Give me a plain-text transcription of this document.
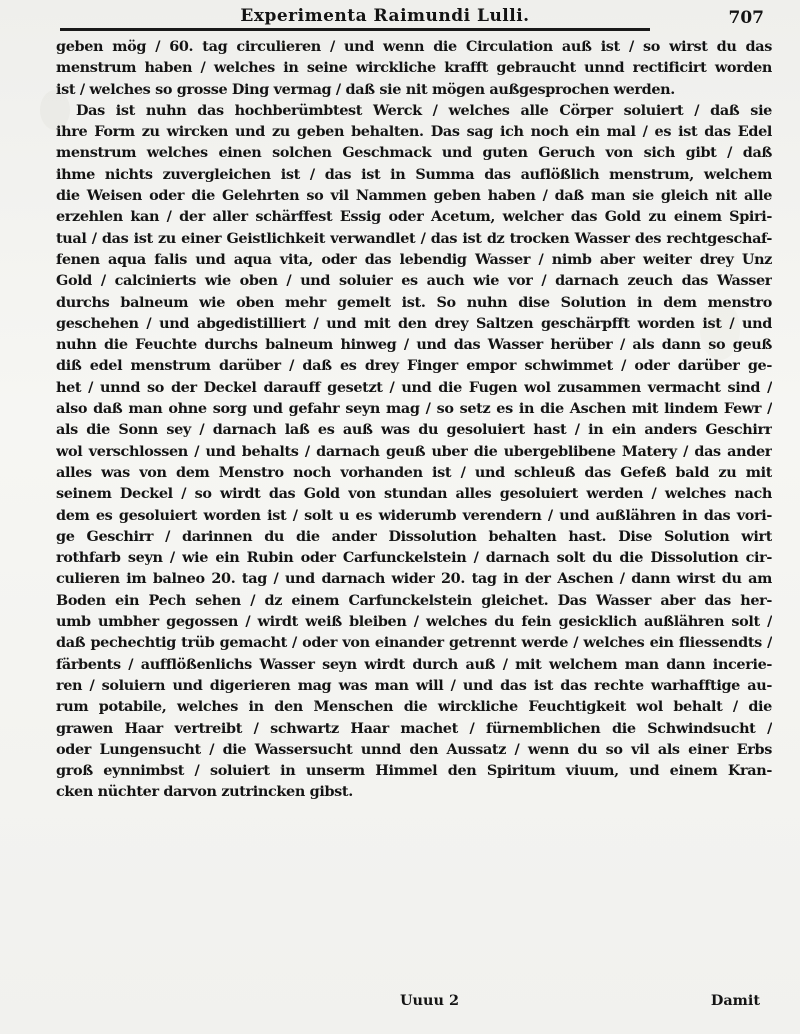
Experimenta Raimundi Lulli.	707
geben mög / 60. tag circulieren / und wenn die Circulation auß ist / so wirst du das
menstrum haben / welches in seine wirckliche krafft gebraucht unnd rectificirt worden
ist / welches so grosse Ding vermag / daß sie nit mögen außgesprochen werden.
Das ist nuhn das hochberümbtest Werck / welches alle Cörper soluiert / daß sie
ihre Form zu wircken und zu geben behalten. Das sag ich noch ein mal / es ist das Edel
menstrum welches einen solchen Geschmack und guten Geruch von sich gibt / daß
ihme nichts zuvergleichen ist / das ist in Summa das auflößlich menstrum, welchem
die Weisen oder die Gelehrten so vil Nammen geben haben / daß man sie gleich nit alle
erzehlen kan / der aller schärffest Essig oder Acetum, welcher das Gold zu einem Spiri-
tual / das ist zu einer Geistlichkeit verwandlet / das ist dz trocken Wasser des rechtgeschaf-
fenen aqua falis und aqua vita, oder das lebendig Wasser / nimb aber weiter drey Unz
Gold / calcinierts wie oben / und soluier es auch wie vor / darnach zeuch das Wasser
durchs balneum wie oben mehr gemelt ist. So nuhn dise Solution in dem menstro
geschehen / und abgedistilliert / und mit den drey Saltzen geschärpfft worden ist / und
nuhn die Feuchte durchs balneum hinweg / und das Wasser herüber / als dann so geuß
diß edel menstrum darüber / daß es drey Finger empor schwimmet / oder darüber ge-
het / unnd so der Deckel darauff gesetzt / und die Fugen wol zusammen vermacht sind /
also daß man ohne sorg und gefahr seyn mag / so setz es in die Aschen mit lindem Fewr /
als die Sonn sey / darnach laß es auß was du gesoluiert hast / in ein anders Geschirr
wol verschlossen / und behalts / darnach geuß uber die ubergeblibene Matery / das ander
alles was von dem Menstro noch vorhanden ist / und schleuß das Gefeß bald zu mit
seinem Deckel / so wirdt das Gold von stundan alles gesoluiert werden / welches nach
dem es gesoluiert worden ist / solt u es widerumb verendern / und außlähren in das vori-
ge Geschirr / darinnen du die ander Dissolution behalten hast. Dise Solution wirt
rothfarb seyn / wie ein Rubin oder Carfunckelstein / darnach solt du die Dissolution cir-
culieren im balneo 20. tag / und darnach wider 20. tag in der Aschen / dann wirst du am
Boden ein Pech sehen / dz einem Carfunckelstein gleichet. Das Wasser aber das her-
umb umbher gegossen / wirdt weiß bleiben / welches du fein gesicklich außlähren solt /
daß pechechtig trüb gemacht / oder von einander getrennt werde / welches ein fliessendts /
färbents / aufflößenlichs Wasser seyn wirdt durch auß / mit welchem man dann incerie-
ren / soluiern und digerieren mag was man will / und das ist das rechte warhafftige au-
rum potabile, welches in den Menschen die wirckliche Feuchtigkeit wol behalt / die
grawen Haar vertreibt / schwartz Haar machet / fürnemblichen die Schwindsucht /
oder Lungensucht / die Wassersucht unnd den Aussatz / wenn du so vil als einer Erbs
groß eynnimbst / soluiert in unserm Himmel den Spiritum viuum, und einem Kran-
cken nüchter darvon zutrincken gibst.
Uuuu 2	Damit
